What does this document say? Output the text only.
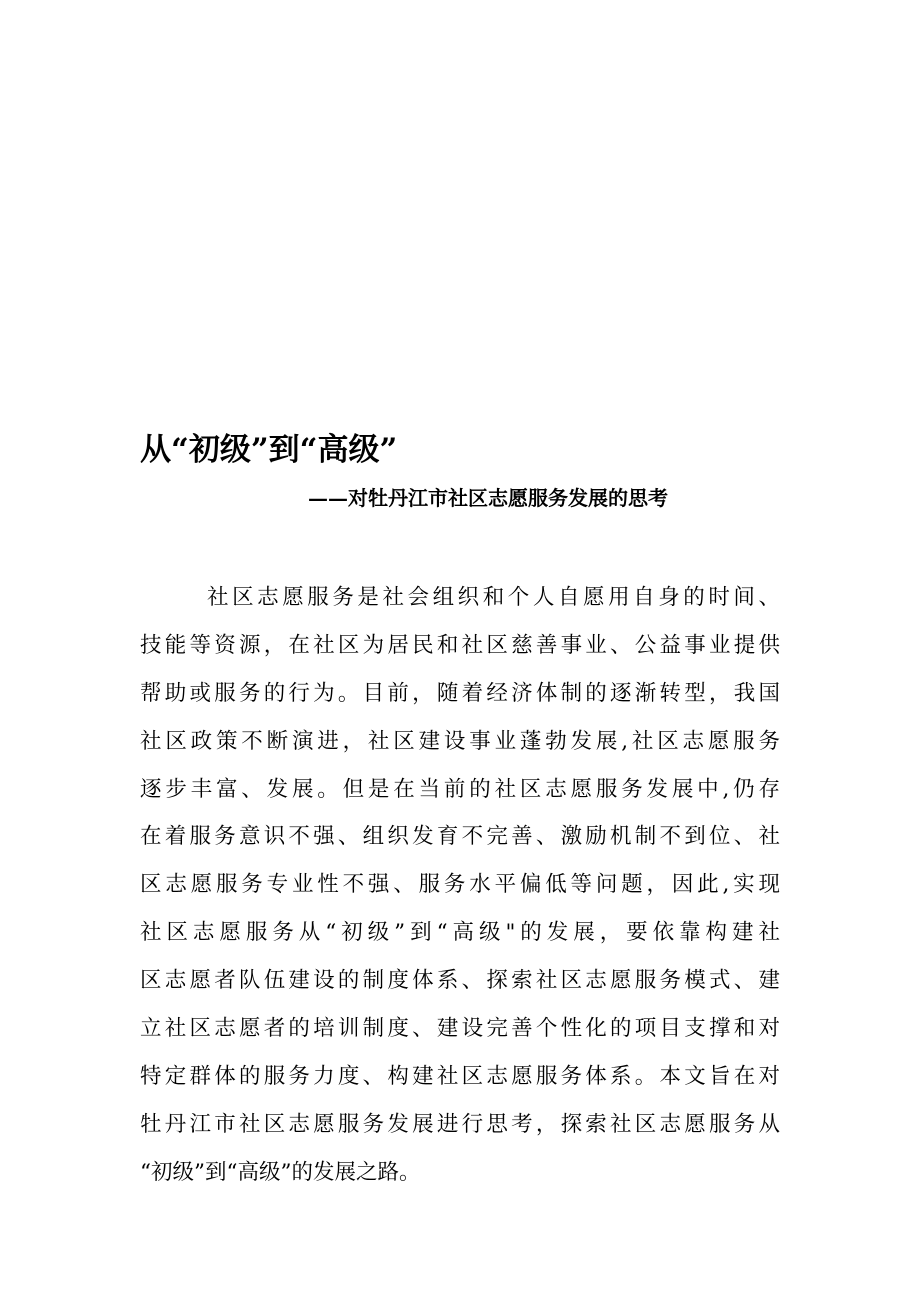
从“初级”到“高级”
——对牡丹江市社区志愿服务发展的思考
社区志愿服务是社会组织和个人自愿用自身的时间、
技能等资源，在社区为居民和社区慈善事业、公益事业提供
帮助或服务的行为。目前，随着经济体制的逐渐转型，我国
社区政策不断演进，社区建设事业蓬勃发展,社区志愿服务
逐步丰富、发展。但是在当前的社区志愿服务发展中,仍存
在着服务意识不强、组织发育不完善、激励机制不到位、社
区志愿服务专业性不强、服务水平偏低等问题，因此,实现
社区志愿服务从“初级”到“高级"的发展，要依靠构建社
区志愿者队伍建设的制度体系、探索社区志愿服务模式、建
立社区志愿者的培训制度、建设完善个性化的项目支撑和对
特定群体的服务力度、构建社区志愿服务体系。本文旨在对
牡丹江市社区志愿服务发展进行思考，探索社区志愿服务从
“初级”到“高级”的发展之路。
